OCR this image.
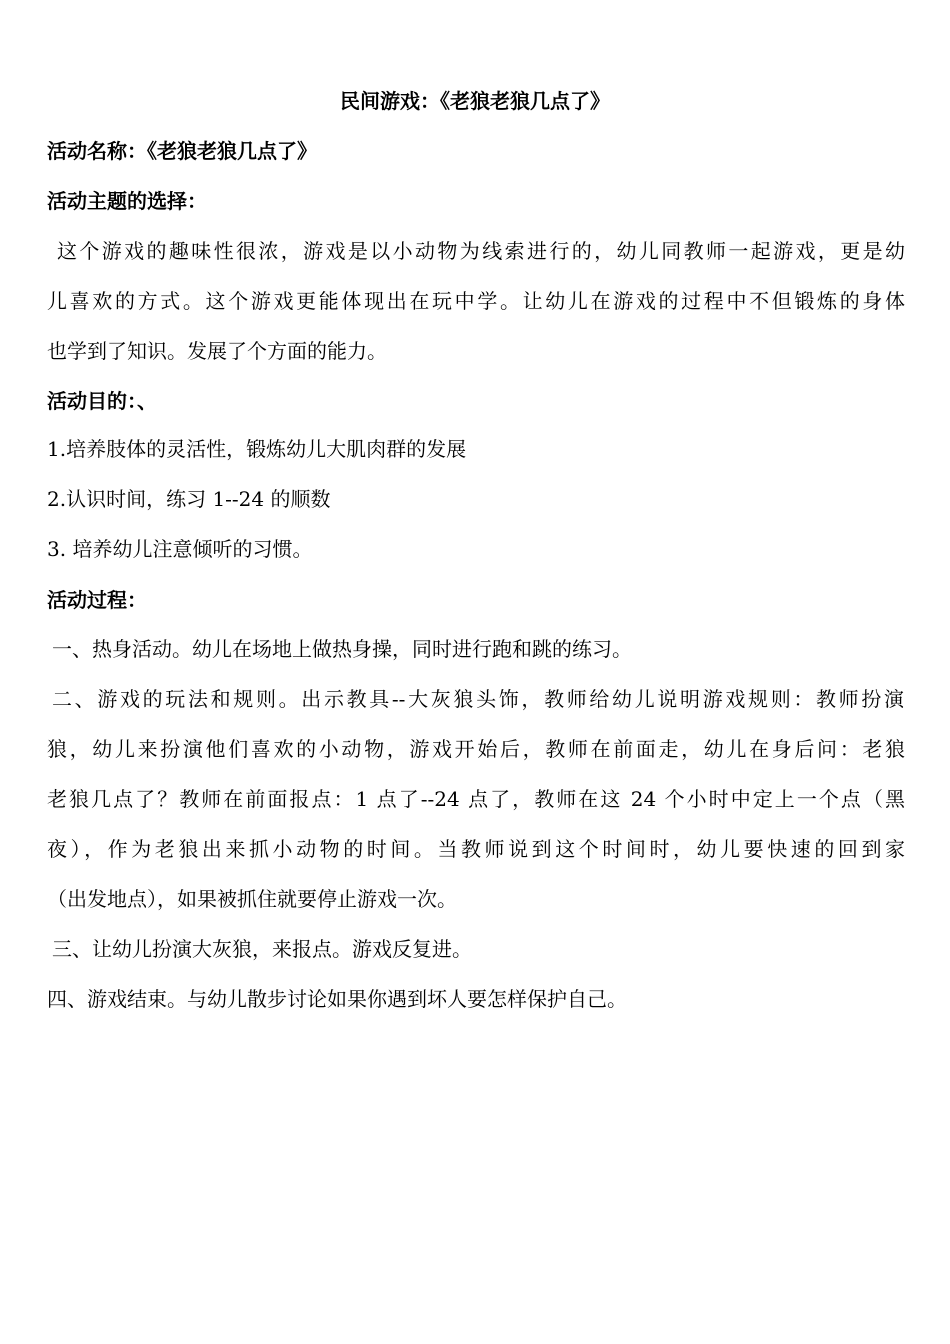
民间游戏：《老狼老狼几点了》
活动名称：《老狼老狼几点了》
活动主题的选择：
这个游戏的趣味性很浓，游戏是以小动物为线索进行的，幼儿同教师一起游戏，更是幼
儿喜欢的方式。这个游戏更能体现出在玩中学。让幼儿在游戏的过程中不但锻炼的身体
也学到了知识。发展了个方面的能力。
活动目的：、
1.培养肢体的灵活性，锻炼幼儿大肌肉群的发展
2.认识时间，练习 1--24 的顺数
3. 培养幼儿注意倾听的习惯。
活动过程：
一、热身活动。幼儿在场地上做热身操，同时进行跑和跳的练习。
二、游戏的玩法和规则。出示教具--大灰狼头饰，教师给幼儿说明游戏规则：教师扮演
狼，幼儿来扮演他们喜欢的小动物，游戏开始后，教师在前面走，幼儿在身后问：老狼
老狼几点了？教师在前面报点：1 点了--24 点了，教师在这 24 个小时中定上一个点（黑
夜），作为老狼出来抓小动物的时间。当教师说到这个时间时，幼儿要快速的回到家
（出发地点），如果被抓住就要停止游戏一次。
三、让幼儿扮演大灰狼，来报点。游戏反复进。
四、游戏结束。与幼儿散步讨论如果你遇到坏人要怎样保护自己。
